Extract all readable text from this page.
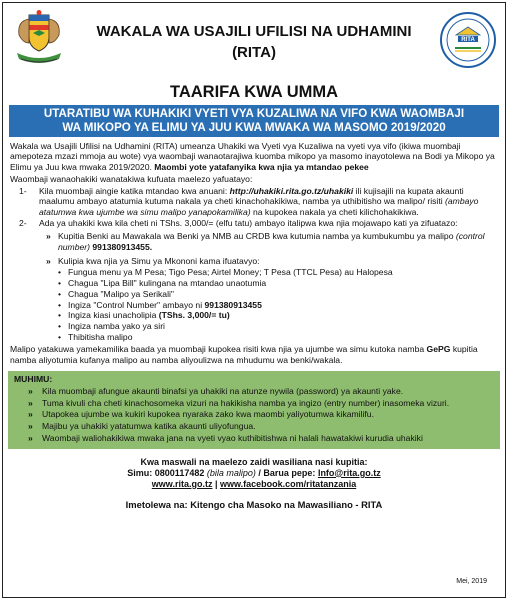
WAKALA WA USAJILI UFILISI NA UDHAMINI
(RITA)
RITA
TAARIFA KWA UMMA
UTARATIBU WA KUHAKIKI VYETI VYA KUZALIWA NA VIFO KWA WAOMBAJI
WA MIKOPO YA ELIMU YA JUU KWA MWAKA WA MASOMO 2019/2020

Wakala wa Usajili Ufilisi na Udhamini (RITA) umeanza Uhakiki wa Vyeti vya Kuzaliwa na vyeti vya vifo (ikiwa muombaji amepoteza mzazi mmoja au wote) vya waombaji wanaotarajiwa kuomba mikopo ya masomo inayotolewa na Bodi ya Mikopo ya Elimu ya Juu kwa mwaka 2019/2020. Maombi yote yatafanyika kwa njia ya mtandao pekee

Waombaji wanaohakiki wanatakiwa kufuata maelezo yafuatayo:

1-	Kila muombaji aingie katika mtandao kwa anuani: http://uhakiki.rita.go.tz/uhakiki ili kujisajili na kupata akaunti maalumu ambayo atatumia kutuma nakala ya cheti kinachohakikiwa, namba ya uthibitisho wa malipo/ risiti (ambayo atatumwa kwa ujumbe wa simu malipo yanapokamilika) na kupokea nakala ya cheti kilichohakikiwa.
2-	Ada ya uhakiki kwa kila cheti ni TShs. 3,000/= (elfu tatu) ambayo italipwa kwa njia mojawapo kati ya zifuatazo:
» Kupitia Benki au Mawakala wa Benki ya NMB au CRDB kwa kutumia namba ya kumbukumbu ya malipo (control number) 991380913455.
» Kulipia kwa njia ya Simu ya Mkononi kama ifuatavyo:
• Fungua menu ya M Pesa; Tigo Pesa; Airtel Money; T Pesa (TTCL Pesa) au Halopesa
• Chagua "Lipa Bill" kulingana na mtandao unaotumia
• Chagua "Malipo ya Serikali"
• Ingiza "Control Number" ambayo ni 991380913455
• Ingiza kiasi unacholipia (TShs. 3,000/= tu)
• Ingiza namba yako ya siri
• Thibitisha malipo

Malipo yatakuwa yamekamilika baada ya muombaji kupokea risiti kwa njia ya ujumbe wa simu kutoka namba GePG kupitia namba aliyotumia kufanya malipo au namba aliyoulizwa na mhudumu wa benki/wakala.

MUHIMU:
»	Kila muombaji afungue akaunti binafsi ya uhakiki na atunze nywila (password) ya akaunti yake.
»	Tuma kivuli cha cheti kinachosomeka vizuri na hakikisha namba ya ingizo (entry number) inasomeka vizuri.
»	Utapokea ujumbe wa kukiri kupokea nyaraka zako kwa maombi yaliyotumwa kikamilifu.
»	Majibu ya uhakiki yatatumwa katika akaunti uliyofungua.
»	Waombaji waliohakikiwa mwaka jana na vyeti vyao kuthibitishwa ni halali hawatakiwi kurudia uhakiki
Kwa maswali na maelezo zaidi wasiliana nasi kupitia:
Simu: 0800117482 (bila malipo) / Barua pepe: Info@rita.go.tz
www.rita.go.tz | www.facebook.com/ritatanzania
Imetolewa na: Kitengo cha Masoko na Mawasiliano - RITA
Mei, 2019
